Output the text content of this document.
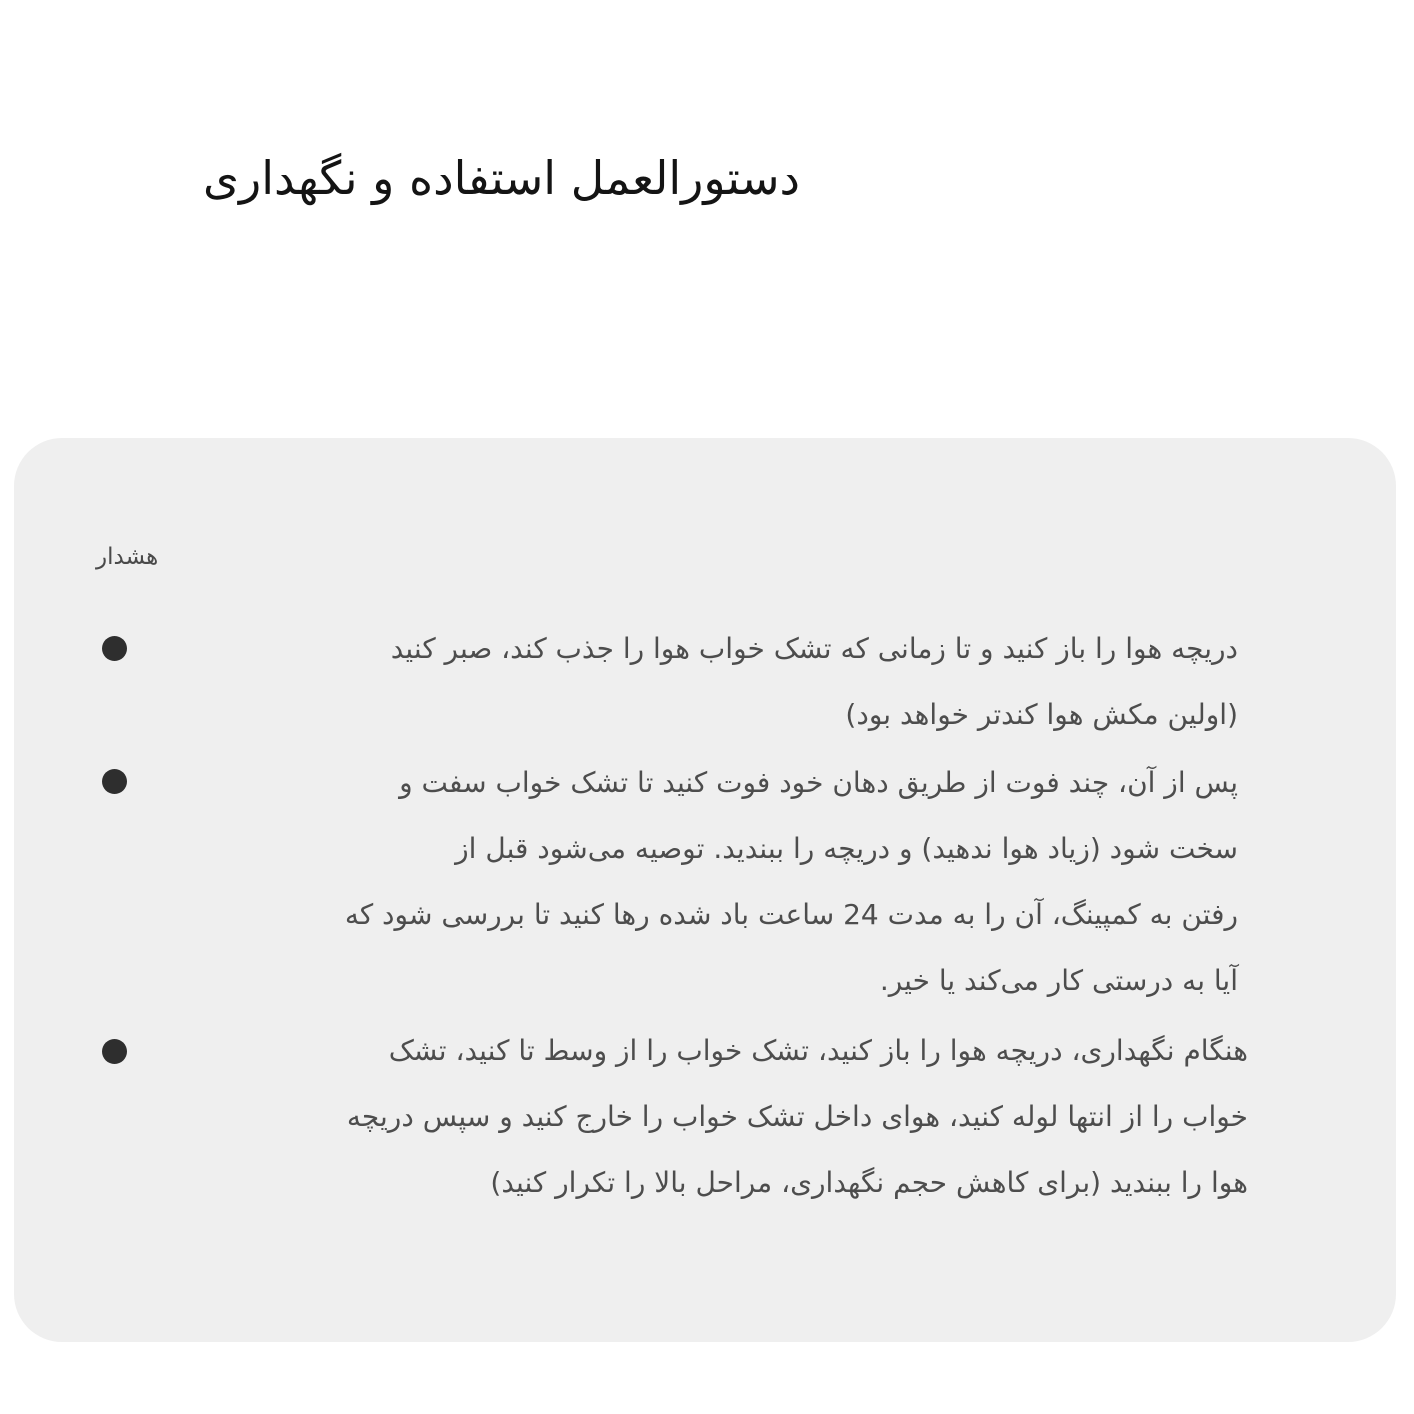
دستورالعمل استفاده و نگهداری
هشدار

دریچه هوا را باز کنید و تا زمانی که تشک خواب هوا را جذب کند، صبر کنید
(اولین مکش هوا کندتر خواهد بود)

پس از آن، چند فوت از طریق دهان خود فوت کنید تا تشک خواب سفت و
سخت شود (زیاد هوا ندهید) و دریچه را ببندید. توصیه می‌شود قبل از
رفتن به کمپینگ، آن را به مدت 24 ساعت باد شده رها کنید تا بررسی شود که
آیا به درستی کار می‌کند یا خیر.

هنگام نگهداری، دریچه هوا را باز کنید، تشک خواب را از وسط تا کنید، تشک
خواب را از انتها لوله کنید، هوای داخل تشک خواب را خارج کنید و سپس دریچه
هوا را ببندید (برای کاهش حجم نگهداری، مراحل بالا را تکرار کنید)
